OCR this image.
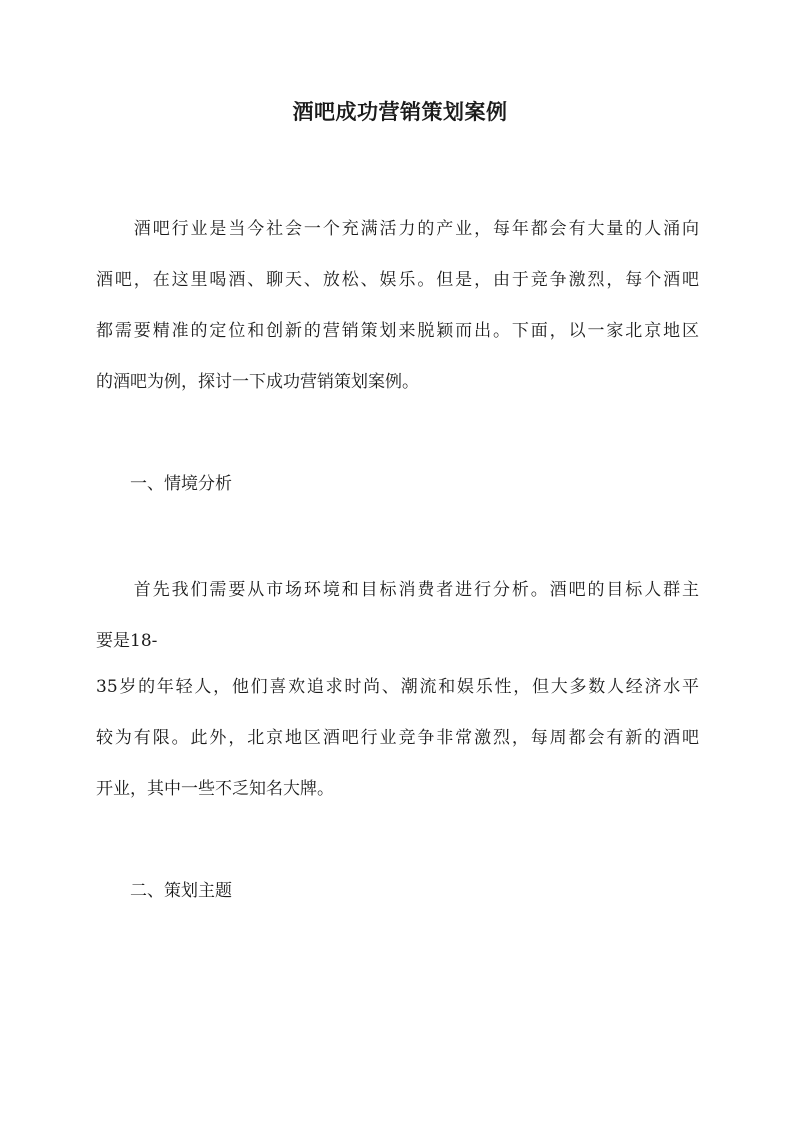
酒吧成功营销策划案例
　　酒吧行业是当今社会一个充满活力的产业，每年都会有大量的人涌向
酒吧，在这里喝酒、聊天、放松、娱乐。但是，由于竞争激烈，每个酒吧
都需要精准的定位和创新的营销策划来脱颖而出。下面，以一家北京地区
的酒吧为例，探讨一下成功营销策划案例。
　　一、情境分析
　　首先我们需要从市场环境和目标消费者进行分析。酒吧的目标人群主
要是18-
35岁的年轻人，他们喜欢追求时尚、潮流和娱乐性，但大多数人经济水平
较为有限。此外，北京地区酒吧行业竞争非常激烈，每周都会有新的酒吧
开业，其中一些不乏知名大牌。
　　二、策划主题
